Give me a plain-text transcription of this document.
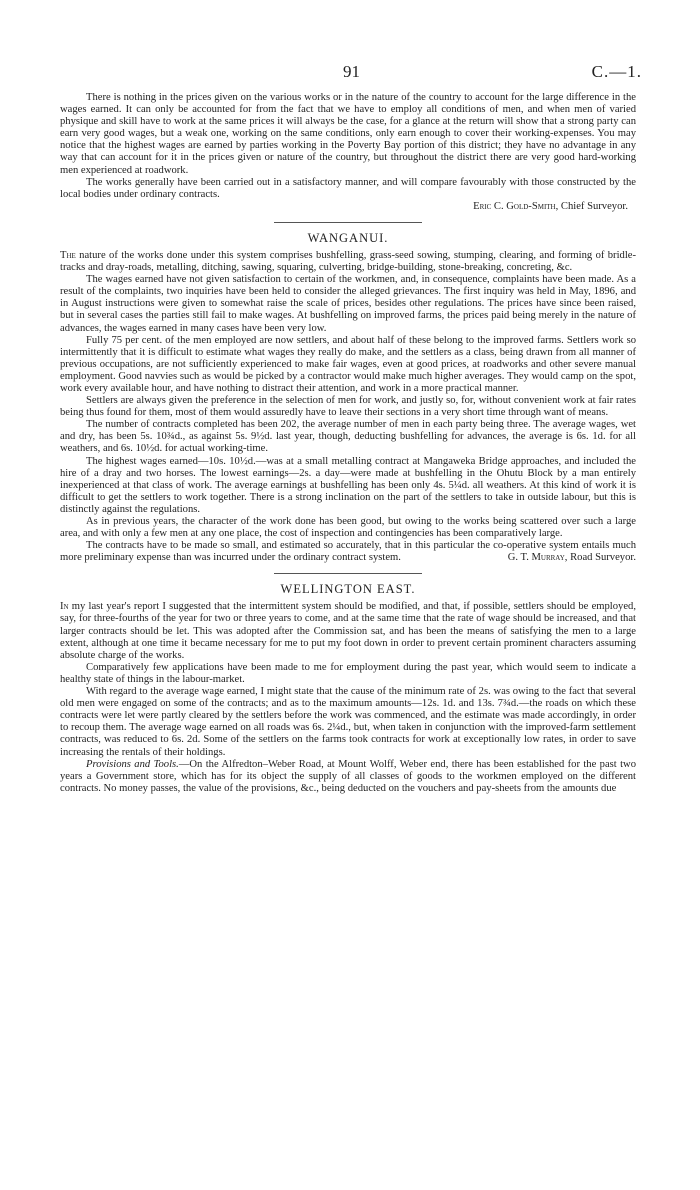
91	C.—1.

There is nothing in the prices given on the various works or in the nature of the country to account for the large difference in the wages earned. It can only be accounted for from the fact that we have to employ all conditions of men, and when men of varied physique and skill have to work at the same prices it will always be the case, for a glance at the return will show that a strong party can earn very good wages, but a weak one, working on the same conditions, only earn enough to cover their working-expenses. You may notice that the highest wages are earned by parties working in the Poverty Bay portion of this district; they have no advantage in any way that can account for it in the prices given or nature of the country, but throughout the district there are very good hard-working men experienced at roadwork.

The works generally have been carried out in a satisfactory manner, and will compare favourably with those constructed by the local bodies under ordinary contracts.

Eric C. Gold-Smith, Chief Surveyor.
WANGANUI.

The nature of the works done under this system comprises bushfelling, grass-seed sowing, stumping, clearing, and forming of bridle-tracks and dray-roads, metalling, ditching, sawing, squaring, culverting, bridge-building, stone-breaking, concreting, &c.

The wages earned have not given satisfaction to certain of the workmen, and, in consequence, complaints have been made. As a result of the complaints, two inquiries have been held to consider the alleged grievances. The first inquiry was held in May, 1896, and in August instructions were given to somewhat raise the scale of prices, besides other regulations. The prices have since been raised, but in several cases the parties still fail to make wages. At bushfelling on improved farms, the prices paid being merely in the nature of advances, the wages earned in many cases have been very low.

Fully 75 per cent. of the men employed are now settlers, and about half of these belong to the improved farms. Settlers work so intermittently that it is difficult to estimate what wages they really do make, and the settlers as a class, being drawn from all manner of previous occupations, are not sufficiently experienced to make fair wages, even at good prices, at roadworks and other severe manual employment. Good navvies such as would be picked by a contractor would make much higher averages. They would camp on the spot, work every available hour, and have nothing to distract their attention, and work in a more practical manner.

Settlers are always given the preference in the selection of men for work, and justly so, for, without convenient work at fair rates being thus found for them, most of them would assuredly have to leave their sections in a very short time through want of means.

The number of contracts completed has been 202, the average number of men in each party being three. The average wages, wet and dry, has been 5s. 10¾d., as against 5s. 9½d. last year, though, deducting bushfelling for advances, the average is 6s. 1d. for all weathers, and 6s. 10½d. for actual working-time.

The highest wages earned—10s. 10½d.—was at a small metalling contract at Mangaweka Bridge approaches, and included the hire of a dray and two horses. The lowest earnings—2s. a day—were made at bushfelling in the Ohutu Block by a man entirely inexperienced at that class of work. The average earnings at bushfelling has been only 4s. 5¼d. all weathers. At this kind of work it is difficult to get the settlers to work together. There is a strong inclination on the part of the settlers to take in outside labour, but this is distinctly against the regulations.

As in previous years, the character of the work done has been good, but owing to the works being scattered over such a large area, and with only a few men at any one place, the cost of inspection and contingencies has been comparatively large.

The contracts have to be made so small, and estimated so accurately, that in this particular the co-operative system entails much more preliminary expense than was incurred under the ordinary contract system.	G. T. Murray, Road Surveyor.

WELLINGTON EAST.

In my last year's report I suggested that the intermittent system should be modified, and that, if possible, settlers should be employed, say, for three-fourths of the year for two or three years to come, and at the same time that the rate of wage should be increased, and that larger contracts should be let. This was adopted after the Commission sat, and has been the means of satisfying the men to a large extent, although at one time it became necessary for me to put my foot down in order to prevent certain prominent characters assuming absolute charge of the works.

Comparatively few applications have been made to me for employment during the past year, which would seem to indicate a healthy state of things in the labour-market.

With regard to the average wage earned, I might state that the cause of the minimum rate of 2s. was owing to the fact that several old men were engaged on some of the contracts; and as to the maximum amounts—12s. 1d. and 13s. 7¾d.—the roads on which these contracts were let were partly cleared by the settlers before the work was commenced, and the estimate was made accordingly, in order to recoup them. The average wage earned on all roads was 6s. 2¼d., but, when taken in conjunction with the improved-farm settlement contracts, was reduced to 6s. 2d. Some of the settlers on the farms took contracts for work at exceptionally low rates, in order to save increasing the rentals of their holdings.

Provisions and Tools.—On the Alfredton–Weber Road, at Mount Wolff, Weber end, there has been established for the past two years a Government store, which has for its object the supply of all classes of goods to the workmen employed on the different contracts. No money passes, the value of the provisions, &c., being deducted on the vouchers and pay-sheets from the amounts due
